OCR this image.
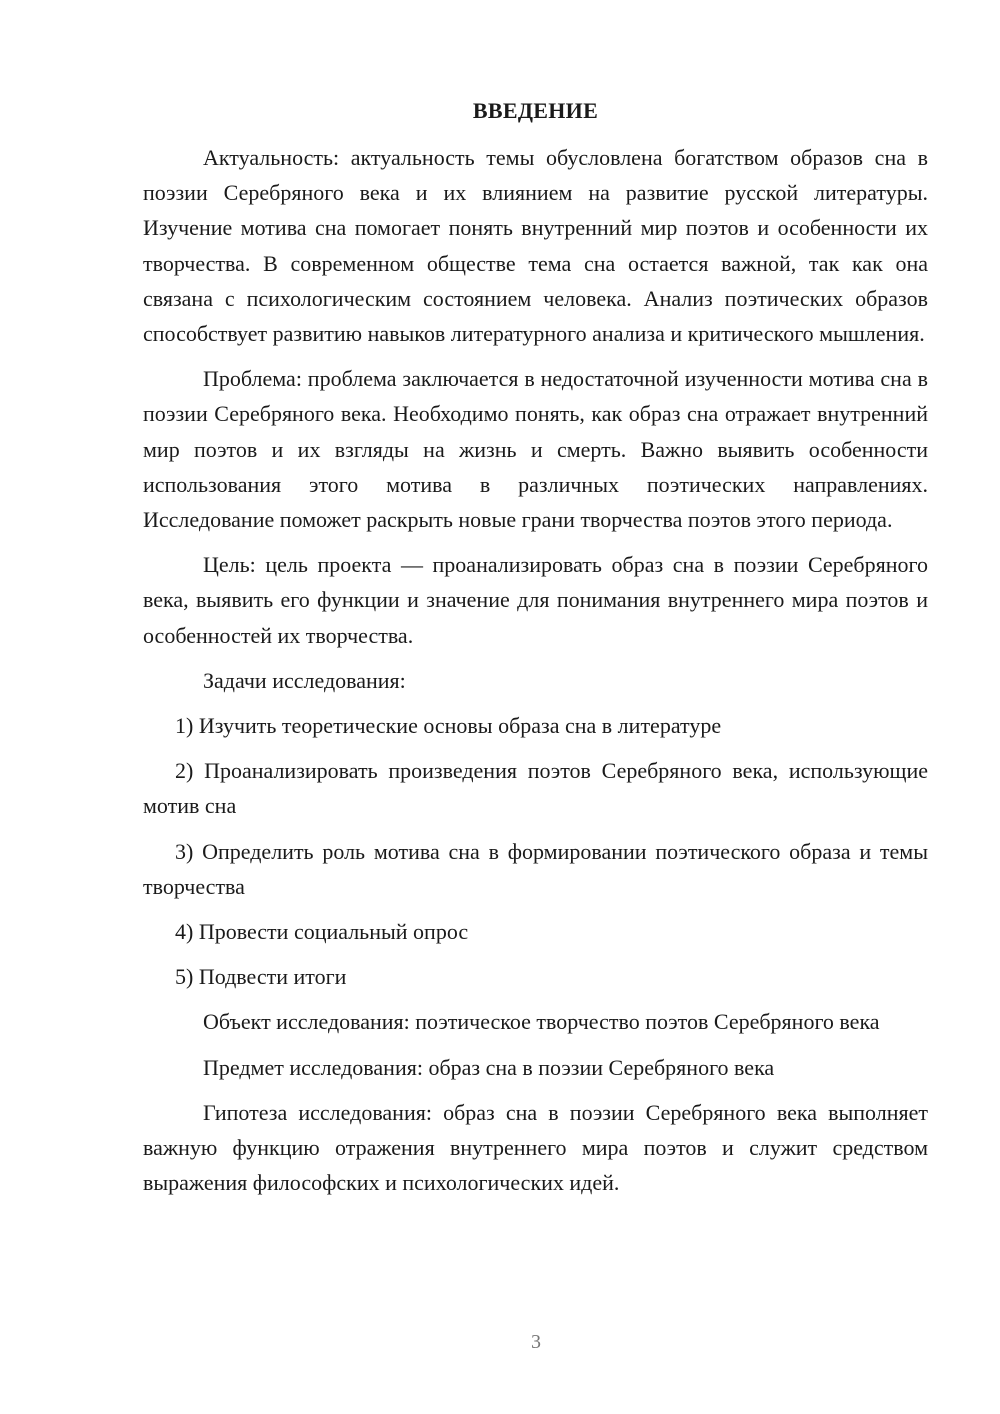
ВВЕДЕНИЕ

Актуальность: актуальность темы обусловлена богатством образов сна в поэзии Серебряного века и их влиянием на развитие русской литературы. Изучение мотива сна помогает понять внутренний мир поэтов и особенности их творчества. В современном обществе тема сна остается важной, так как она связана с психологическим состоянием человека. Анализ поэтических образов способствует развитию навыков литературного анализа и критического мышления.

Проблема: проблема заключается в недостаточной изученности мотива сна в поэзии Серебряного века. Необходимо понять, как образ сна отражает внутренний мир поэтов и их взгляды на жизнь и смерть. Важно выявить особенности использования этого мотива в различных поэтических направлениях. Исследование поможет раскрыть новые грани творчества поэтов этого периода.

Цель: цель проекта — проанализировать образ сна в поэзии Серебряного века, выявить его функции и значение для понимания внутреннего мира поэтов и особенностей их творчества.

Задачи исследования:

1) Изучить теоретические основы образа сна в литературе

2) Проанализировать произведения поэтов Серебряного века, использующие мотив сна

3) Определить роль мотива сна в формировании поэтического образа и темы творчества

4) Провести социальный опрос

5) Подвести итоги

Объект исследования: поэтическое творчество поэтов Серебряного века

Предмет исследования: образ сна в поэзии Серебряного века

Гипотеза исследования: образ сна в поэзии Серебряного века выполняет важную функцию отражения внутреннего мира поэтов и служит средством выражения философских и психологических идей.

3
